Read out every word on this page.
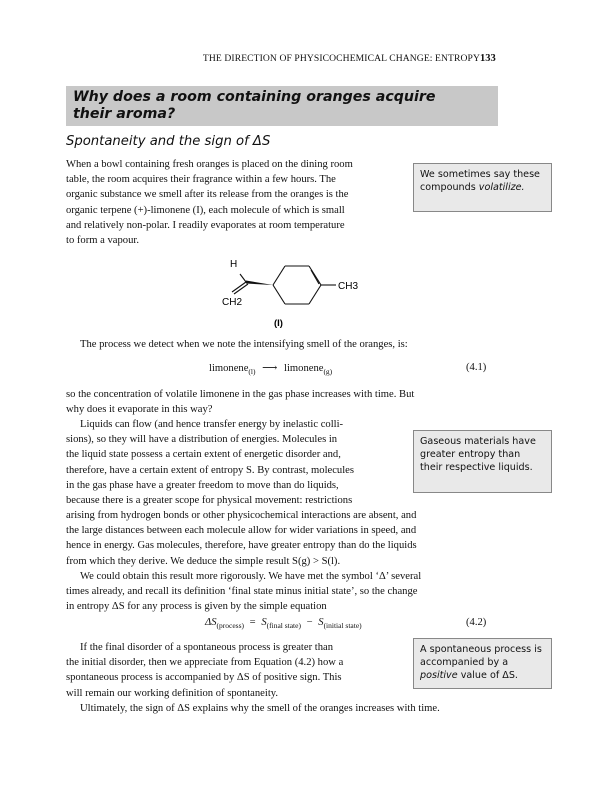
THE DIRECTION OF PHYSICOCHEMICAL CHANGE: ENTROPY 133
Why does a room containing oranges acquire
their aroma?
Spontaneity and the sign of ΔS
When a bowl containing fresh oranges is placed on the dining room
table, the room acquires their fragrance within a few hours. The
organic substance we smell after its release from the oranges is the
organic terpene (+)-limonene (I), each molecule of which is small
and relatively non-polar. I readily evaporates at room temperature
to form a vapour.
We sometimes say these compounds volatilize.
H
CH3
CH2
(I)
The process we detect when we note the intensifying smell of the oranges, is:
limonene$_{(l)}$ ⟶ limonene$_{(g)}$	(4.1)
so the concentration of volatile limonene in the gas phase increases with time. But
why does it evaporate in this way?
Liquids can flow (and hence transfer energy by inelastic colli-
sions), so they will have a distribution of energies. Molecules in
the liquid state possess a certain extent of energetic disorder and,
therefore, have a certain extent of entropy S. By contrast, molecules
in the gas phase have a greater freedom to move than do liquids,
because there is a greater scope for physical movement: restrictions
Gaseous materials have greater entropy than their respective liquids.
arising from hydrogen bonds or other physicochemical interactions are absent, and
the large distances between each molecule allow for wider variations in speed, and
hence in energy. Gas molecules, therefore, have greater entropy than do the liquids
from which they derive. We deduce the simple result S(g) > S(l).
We could obtain this result more rigorously. We have met the symbol ‘Δ’ several
times already, and recall its definition ‘final state minus initial state’, so the change
in entropy ΔS for any process is given by the simple equation
$\Delta S_{(process)} = S_{(final state)} - S_{(initial state)}$	(4.2)
If the final disorder of a spontaneous process is greater than
the initial disorder, then we appreciate from Equation (4.2) how a
spontaneous process is accompanied by ΔS of positive sign. This
will remain our working definition of spontaneity.
A spontaneous process is accompanied by a positive value of ΔS.
Ultimately, the sign of ΔS explains why the smell of the oranges increases with time.
